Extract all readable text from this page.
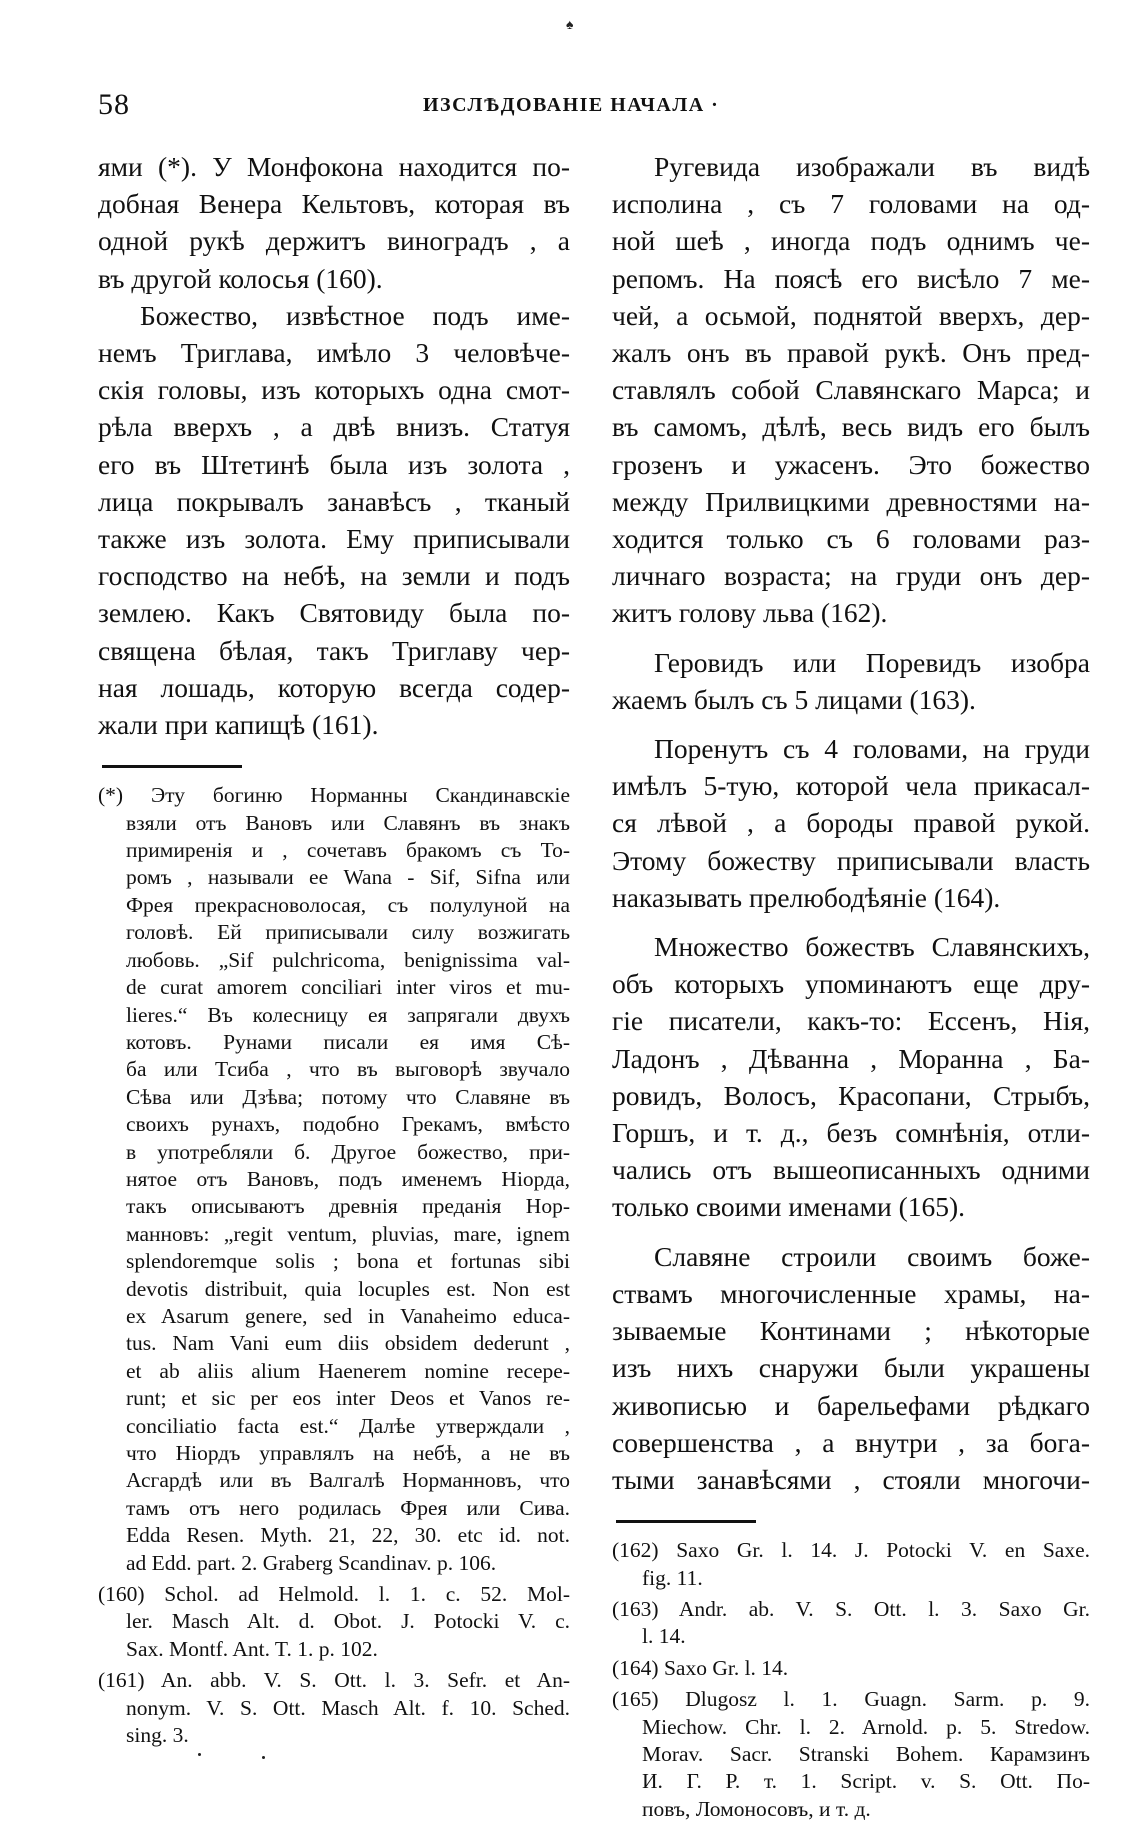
♠
58	ИЗСЛѢДОВАНІЕ НАЧАЛА ·
ями (*). У Монфокона находится по-
добная Венера Кельтовъ, которая въ
одной рукѣ держитъ виноградъ , а
въ другой колосья (160).
Божество, извѣстное подъ име-
немъ Триглава, имѣло 3 человѣче-
скія головы, изъ которыхъ одна смот-
рѣла вверхъ , а двѣ внизъ. Статуя
его въ Штетинѣ была изъ золота ,
лица покрывалъ занавѣсъ , тканый
также изъ золота. Ему приписывали
господство на небѣ, на земли и подъ
землею. Какъ Святовиду была по-
священа бѣлая, такъ Триглаву чер-
ная лошадь, которую всегда содер-
жали при капищѣ (161).
(*) Эту богиню Норманны Скандинавскіе
взяли отъ Вановъ или Славянъ въ знакъ
примиренія и , сочетавъ бракомъ съ То-
ромъ , называли ее Wana - Sif, Sifna или
Фрея прекрасноволосая, съ полулуной на
головѣ. Ей приписывали силу возжигать
любовь. „Sif pulchricoma, benignissima val-
de curat amorem conciliari inter viros et mu-
lieres.“ Въ колесницу ея запрягали двухъ
котовъ. Рунами писали ея имя Сѣ-
ба или Тсиба , что въ выговорѣ звучало
Сѣва или Дзѣва; потому что Славяне въ
своихъ рунахъ, подобно Грекамъ, вмѣсто
в употребляли б. Другое божество, при-
нятое отъ Вановъ, подъ именемъ Ніорда,
такъ описываютъ древнія преданія Нор-
манновъ: „regit ventum, pluvias, mare, ignem
splendoremque solis ; bona et fortunas sibi
devotis distribuit, quia locuples est. Non est
ex Asarum genere, sed in Vanaheimo educa-
tus. Nam Vani eum diis obsidem dederunt ,
et ab aliis alium Haenerem nomine recepe-
runt; et sic per eos inter Deos et Vanos re-
conciliatio facta est.“ Далѣе утверждали ,
что Ніордъ управлялъ на небѣ, а не въ
Асгардѣ или въ Валгалѣ Норманновъ, что
тамъ отъ него родилась Фрея или Сива.
Edda Resen. Myth. 21, 22, 30. etc id. not.
ad Edd. part. 2. Graberg Scandinav. p. 106.
(160) Schol. ad Helmold. l. 1. c. 52. Mol-
ler. Masch Alt. d. Obot. J. Potocki V. c.
Sax. Montf. Ant. T. 1. p. 102.
(161) An. abb. V. S. Ott. l. 3. Sefr. et An-
nonym. V. S. Ott. Masch Alt. f. 10. Sched.
sing. 3.
Ругевида изображали въ видѣ
исполина , съ 7 головами на од-
ной шеѣ , иногда подъ однимъ че-
репомъ. На поясѣ его висѣло 7 ме-
чей, а осьмой, поднятой вверхъ, дер-
жалъ онъ въ правой рукѣ. Онъ пред-
ставлялъ собой Славянскаго Марса; и
въ самомъ, дѣлѣ, весь видъ его былъ
грозенъ и ужасенъ. Это божество
между Прилвицкими древностями на-
ходится только съ 6 головами раз-
личнаго возраста; на груди онъ дер-
житъ голову льва (162).
Геровидъ или Поревидъ изобра
жаемъ былъ съ 5 лицами (163).
Поренутъ съ 4 головами, на груди
имѣлъ 5-тую, которой чела прикасал-
ся лѣвой , а бороды правой рукой.
Этому божеству приписывали власть
наказывать прелюбодѣяніе (164).
Множество божествъ Славянскихъ,
объ которыхъ упоминаютъ еще дру-
гіе писатели, какъ-то: Ессенъ, Нія,
Ладонъ , Дѣванна , Моранна , Ба-
ровидъ, Волосъ, Красопани, Стрыбъ,
Горшъ, и т. д., безъ сомнѣнія, отли-
чались отъ вышеописанныхъ одними
только своими именами (165).
Славяне строили своимъ боже-
ствамъ многочисленные храмы, на-
зываемые Континами ; нѣкоторые
изъ нихъ снаружи были украшены
живописью и барельефами рѣдкаго
совершенства , а внутри , за бога-
тыми занавѣсями , стояли многочи-
(162) Saxo Gr. l. 14. J. Potocki V. en Saxe.
fig. 11.
(163) Andr. ab. V. S. Ott. l. 3. Saxo Gr.
l. 14.
(164) Saxo Gr. l. 14.
(165) Dlugosz l. 1. Guagn. Sarm. p. 9.
Miechow. Chr. l. 2. Arnold. p. 5. Stredow.
Morav. Sacr. Stranski Bohem. Карамзинъ
И. Г. Р. т. 1. Script. v. S. Ott. По-
повъ, Ломоносовъ, и т. д.
